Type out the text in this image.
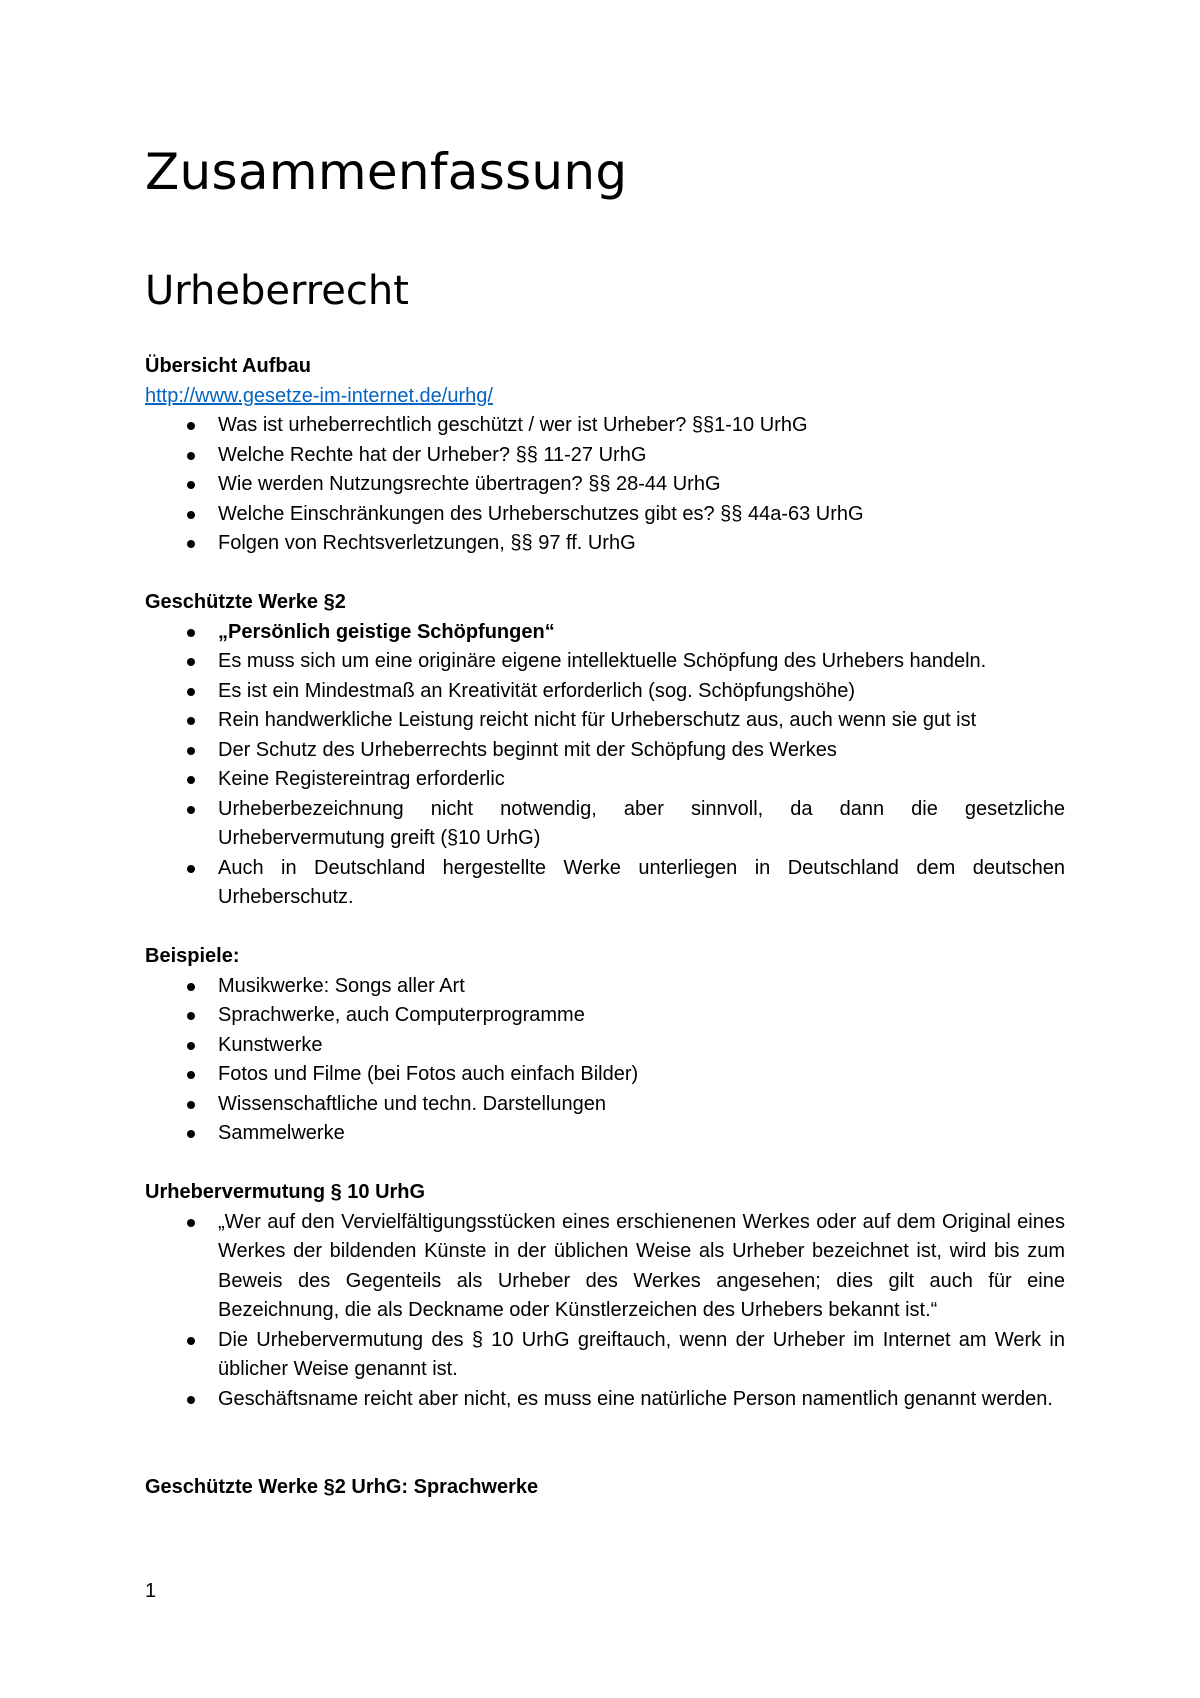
Zusammenfassung
Urheberrecht
Übersicht Aufbau
http://www.gesetze-im-internet.de/urhg/
Was ist urheberrechtlich geschützt / wer ist Urheber? §§1-10 UrhG
Welche Rechte hat der Urheber? §§ 11-27 UrhG
Wie werden Nutzungsrechte übertragen? §§ 28-44 UrhG
Welche Einschränkungen des Urheberschutzes gibt es? §§ 44a-63 UrhG
Folgen von Rechtsverletzungen, §§ 97 ff. UrhG
Geschützte Werke §2
„Persönlich geistige Schöpfungen“
Es muss sich um eine originäre eigene intellektuelle Schöpfung des Urhebers handeln.
Es ist ein Mindestmaß an Kreativität erforderlich (sog. Schöpfungshöhe)
Rein handwerkliche Leistung reicht nicht für Urheberschutz aus, auch wenn sie gut ist
Der Schutz des Urheberrechts beginnt mit der Schöpfung des Werkes
Keine Registereintrag erforderlic
Urheberbezeichnung nicht notwendig, aber sinnvoll, da dann die gesetzliche Urhebervermutung greift (§10 UrhG)
Auch in Deutschland hergestellte Werke unterliegen in Deutschland dem deutschen Urheberschutz.
Beispiele:
Musikwerke: Songs aller Art
Sprachwerke, auch Computerprogramme
Kunstwerke
Fotos und Filme (bei Fotos auch einfach Bilder)
Wissenschaftliche und techn. Darstellungen
Sammelwerke
Urhebervermutung § 10 UrhG
„Wer auf den Vervielfältigungsstücken eines erschienenen Werkes oder auf dem Original eines Werkes der bildenden Künste in der üblichen Weise als Urheber bezeichnet ist, wird bis zum Beweis des Gegenteils als Urheber des Werkes angesehen; dies gilt auch für eine Bezeichnung, die als Deckname oder Künstlerzeichen des Urhebers bekannt ist.“
Die Urhebervermutung des § 10 UrhG greiftauch, wenn der Urheber im Internet am Werk in üblicher Weise genannt ist.
Geschäftsname reicht aber nicht, es muss eine natürliche Person namentlich genannt werden.
Geschützte Werke §2 UrhG: Sprachwerke
1
